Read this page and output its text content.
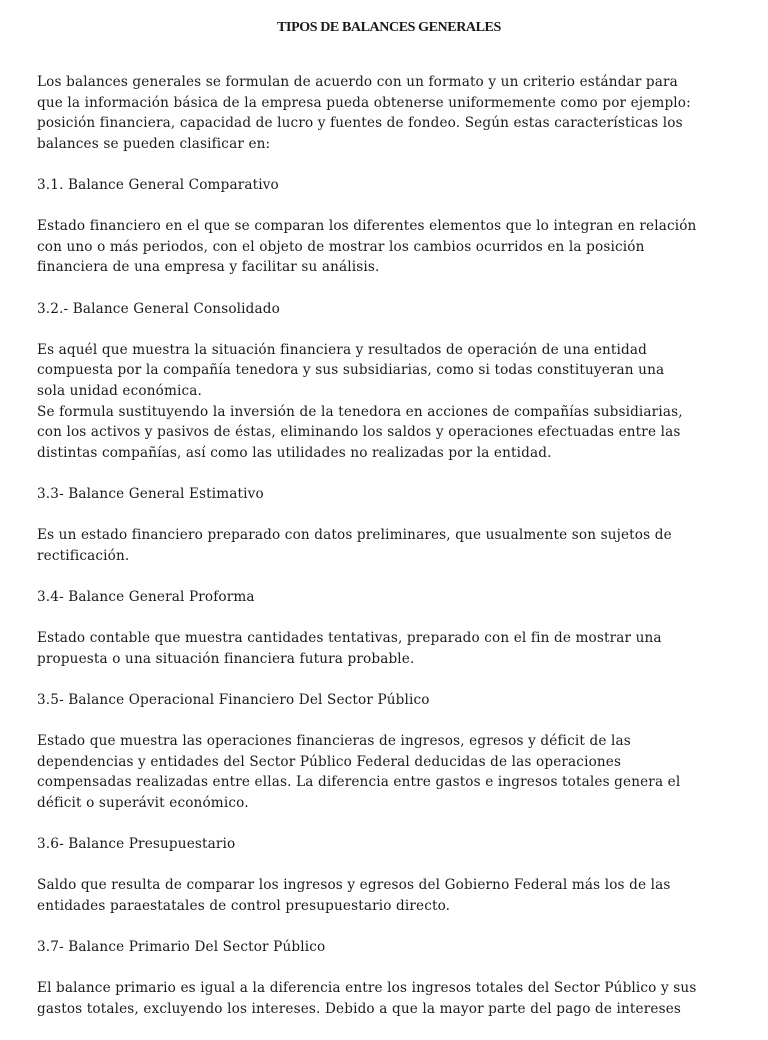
TIPOS DE BALANCES GENERALES

Los balances generales se formulan de acuerdo con un formato y un criterio estándar para
que la información básica de la empresa pueda obtenerse uniformemente como por ejemplo:
posición financiera, capacidad de lucro y fuentes de fondeo. Según estas características los
balances se pueden clasificar en:

3.1. Balance General Comparativo

Estado financiero en el que se comparan los diferentes elementos que lo integran en relación
con uno o más periodos, con el objeto de mostrar los cambios ocurridos en la posición
financiera de una empresa y facilitar su análisis.

3.2.- Balance General Consolidado

Es aquél que muestra la situación financiera y resultados de operación de una entidad
compuesta por la compañía tenedora y sus subsidiarias, como si todas constituyeran una
sola unidad económica.
Se formula sustituyendo la inversión de la tenedora en acciones de compañías subsidiarias,
con los activos y pasivos de éstas, eliminando los saldos y operaciones efectuadas entre las
distintas compañías, así como las utilidades no realizadas por la entidad.

3.3- Balance General Estimativo

Es un estado financiero preparado con datos preliminares, que usualmente son sujetos de
rectificación.

3.4- Balance General Proforma

Estado contable que muestra cantidades tentativas, preparado con el fin de mostrar una
propuesta o una situación financiera futura probable.

3.5- Balance Operacional Financiero Del Sector Público

Estado que muestra las operaciones financieras de ingresos, egresos y déficit de las
dependencias y entidades del Sector Público Federal deducidas de las operaciones
compensadas realizadas entre ellas. La diferencia entre gastos e ingresos totales genera el
déficit o superávit económico.

3.6- Balance Presupuestario

Saldo que resulta de comparar los ingresos y egresos del Gobierno Federal más los de las
entidades paraestatales de control presupuestario directo.

3.7- Balance Primario Del Sector Público

El balance primario es igual a la diferencia entre los ingresos totales del Sector Público y sus
gastos totales, excluyendo los intereses. Debido a que la mayor parte del pago de intereses
